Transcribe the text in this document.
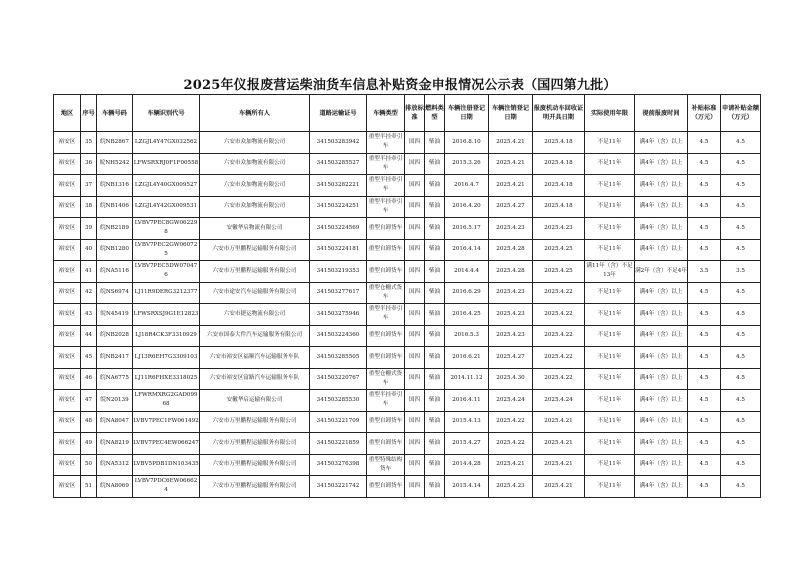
2025年仪报废营运柴油货车信息补贴资金申报情况公示表（国四第九批）
地区	序号	车辆号码	车辆识别代号	车辆所有人	道路运输证号	车辆类型	排放标准	燃料类型	车辆注册登记日期	车辆注销登记日期	报废机动车回收证明开具日期	实际使用年限	提前报废时间	补贴标准（万元）	申请补贴金额（万元）
裕安区	35	皖NB2867	LZGJL4Y47GX032562	六安市众加物流有限公司	341503283942	重型半挂牵引车	国四	柴油	2016.8.10	2025.4.21	2025.4.18	不足11年	满4年（含）以上	4.5	4.5
裕安区	36	皖NH5242	LFWSRXRJ0F1F00558	六安市众加物流有限公司	341503285527	重型半挂牵引车	国四	柴油	2015.3.26	2025.4.21	2025.4.18	不足11年	满4年（含）以上	4.5	4.5
裕安区	37	皖NB1316	LZGJL4Y40GX009527	六安市众加物流有限公司	341503282221	重型半挂牵引车	国四	柴油	2016.4.7	2025.4.21	2025.4.18	不足11年	满4年（含）以上	4.5	4.5
裕安区	38	皖NB1406	LZGJL4Y42GX009531	六安市众加物流有限公司	341503224251	重型半挂牵引车	国四	柴油	2016.4.20	2025.4.27	2025.4.18	不足11年	满4年（含）以上	4.5	4.5
裕安区	39	皖NB2189	LVBV7PEC8GW062298	安徽华启物流有限公司	341503224569	重型自卸货车	国四	柴油	2016.5.17	2025.4.23	2025.4.23	不足11年	满4年（含）以上	4.5	4.5
裕安区	40	皖NB1280	LVBV7PEC2GW060725	六安市万里鹏程运输服务有限公司	341503224181	重型自卸货车	国四	柴油	2016.4.14	2025.4.28	2025.4.25	不足11年	满4年（含）以上	4.5	4.5
裕安区	41	皖NA5116	LVBV7PEC5DW070476	六安市万里鹏程运输服务有限公司	341503219353	重型自卸货车	国四	柴油	2014.4.4	2025.4.28	2025.4.25	满11年（含）不足13年	满2年（含）不足4年	3.5	3.5
裕安区	42	皖NS6974	LJ11R9DERG3212377	六安市途安汽车运输服务有限公司	341503277617	重型仓栅式货车	国四	柴油	2016.6.29	2025.4.23	2025.4.22	不足11年	满4年（含）以上	4.5	4.5
裕安区	43	皖N45419	LFWSRXSJ9G1E12823	六安市捷运物流有限公司	341503275946	重型半挂牵引车	国四	柴油	2016.4.25	2025.4.23	2025.4.22	不足11年	满4年（含）以上	4.5	4.5
裕安区	44	皖NB2028	LJ18R4CK3F3310929	六安市国泰大件汽车运输服务有限公司	341503224360	重型自卸货车	国四	柴油	2016.5.3	2025.4.23	2025.4.22	不足11年	满4年（含）以上	4.5	4.5
裕安区	45	皖NB2417	LJ13R6EH7G3309103	六安市裕安区福顺汽车运输服务车队	341503285505	重型自卸货车	国四	柴油	2016.6.21	2025.4.27	2025.4.22	不足11年	满4年（含）以上	4.5	4.5
裕安区	46	皖NA6775	LJ11R6FHXE3318025	六安市裕安区富路汽车运输服务车队	341503220767	重型仓栅式货车	国四	柴油	2014.11.12	2025.4.30	2025.4.22	不足11年	满4年（含）以上	4.5	4.5
裕安区	47	皖N20139	LFWRMXRG2GAD09968	安徽华启运输有限公司	341503285530	重型半挂牵引车	国四	柴油	2016.4.11	2025.4.24	2025.4.24	不足11年	满4年（含）以上	4.5	4.5
裕安区	48	皖NA8047	LVBV7PEC1FW061492	六安市万里鹏程运输服务有限公司	341503221709	重型自卸货车	国四	柴油	2015.4.13	2025.4.22	2025.4.21	不足11年	满4年（含）以上	4.5	4.5
裕安区	49	皖NA8219	LVBV7PEC4EW066247	六安市万里鹏程运输服务有限公司	341503221859	重型自卸货车	国四	柴油	2015.4.27	2025.4.22	2025.4.21	不足11年	满4年（含）以上	4.5	4.5
裕安区	50	皖NA5312	LVBV5PDB1DN103435	六安市万里鹏程运输服务有限公司	341503276398	重型特殊结构货车	国四	柴油	2014.4.28	2025.4.21	2025.4.21	不足11年	满4年（含）以上	4.5	4.5
裕安区	51	皖NA8069	LVBV7PDC6EW066624	六安市万里鹏程运输服务有限公司	341503221742	重型自卸货车	国四	柴油	2015.4.14	2025.4.23	2025.4.21	不足11年	满4年（含）以上	4.5	4.5
